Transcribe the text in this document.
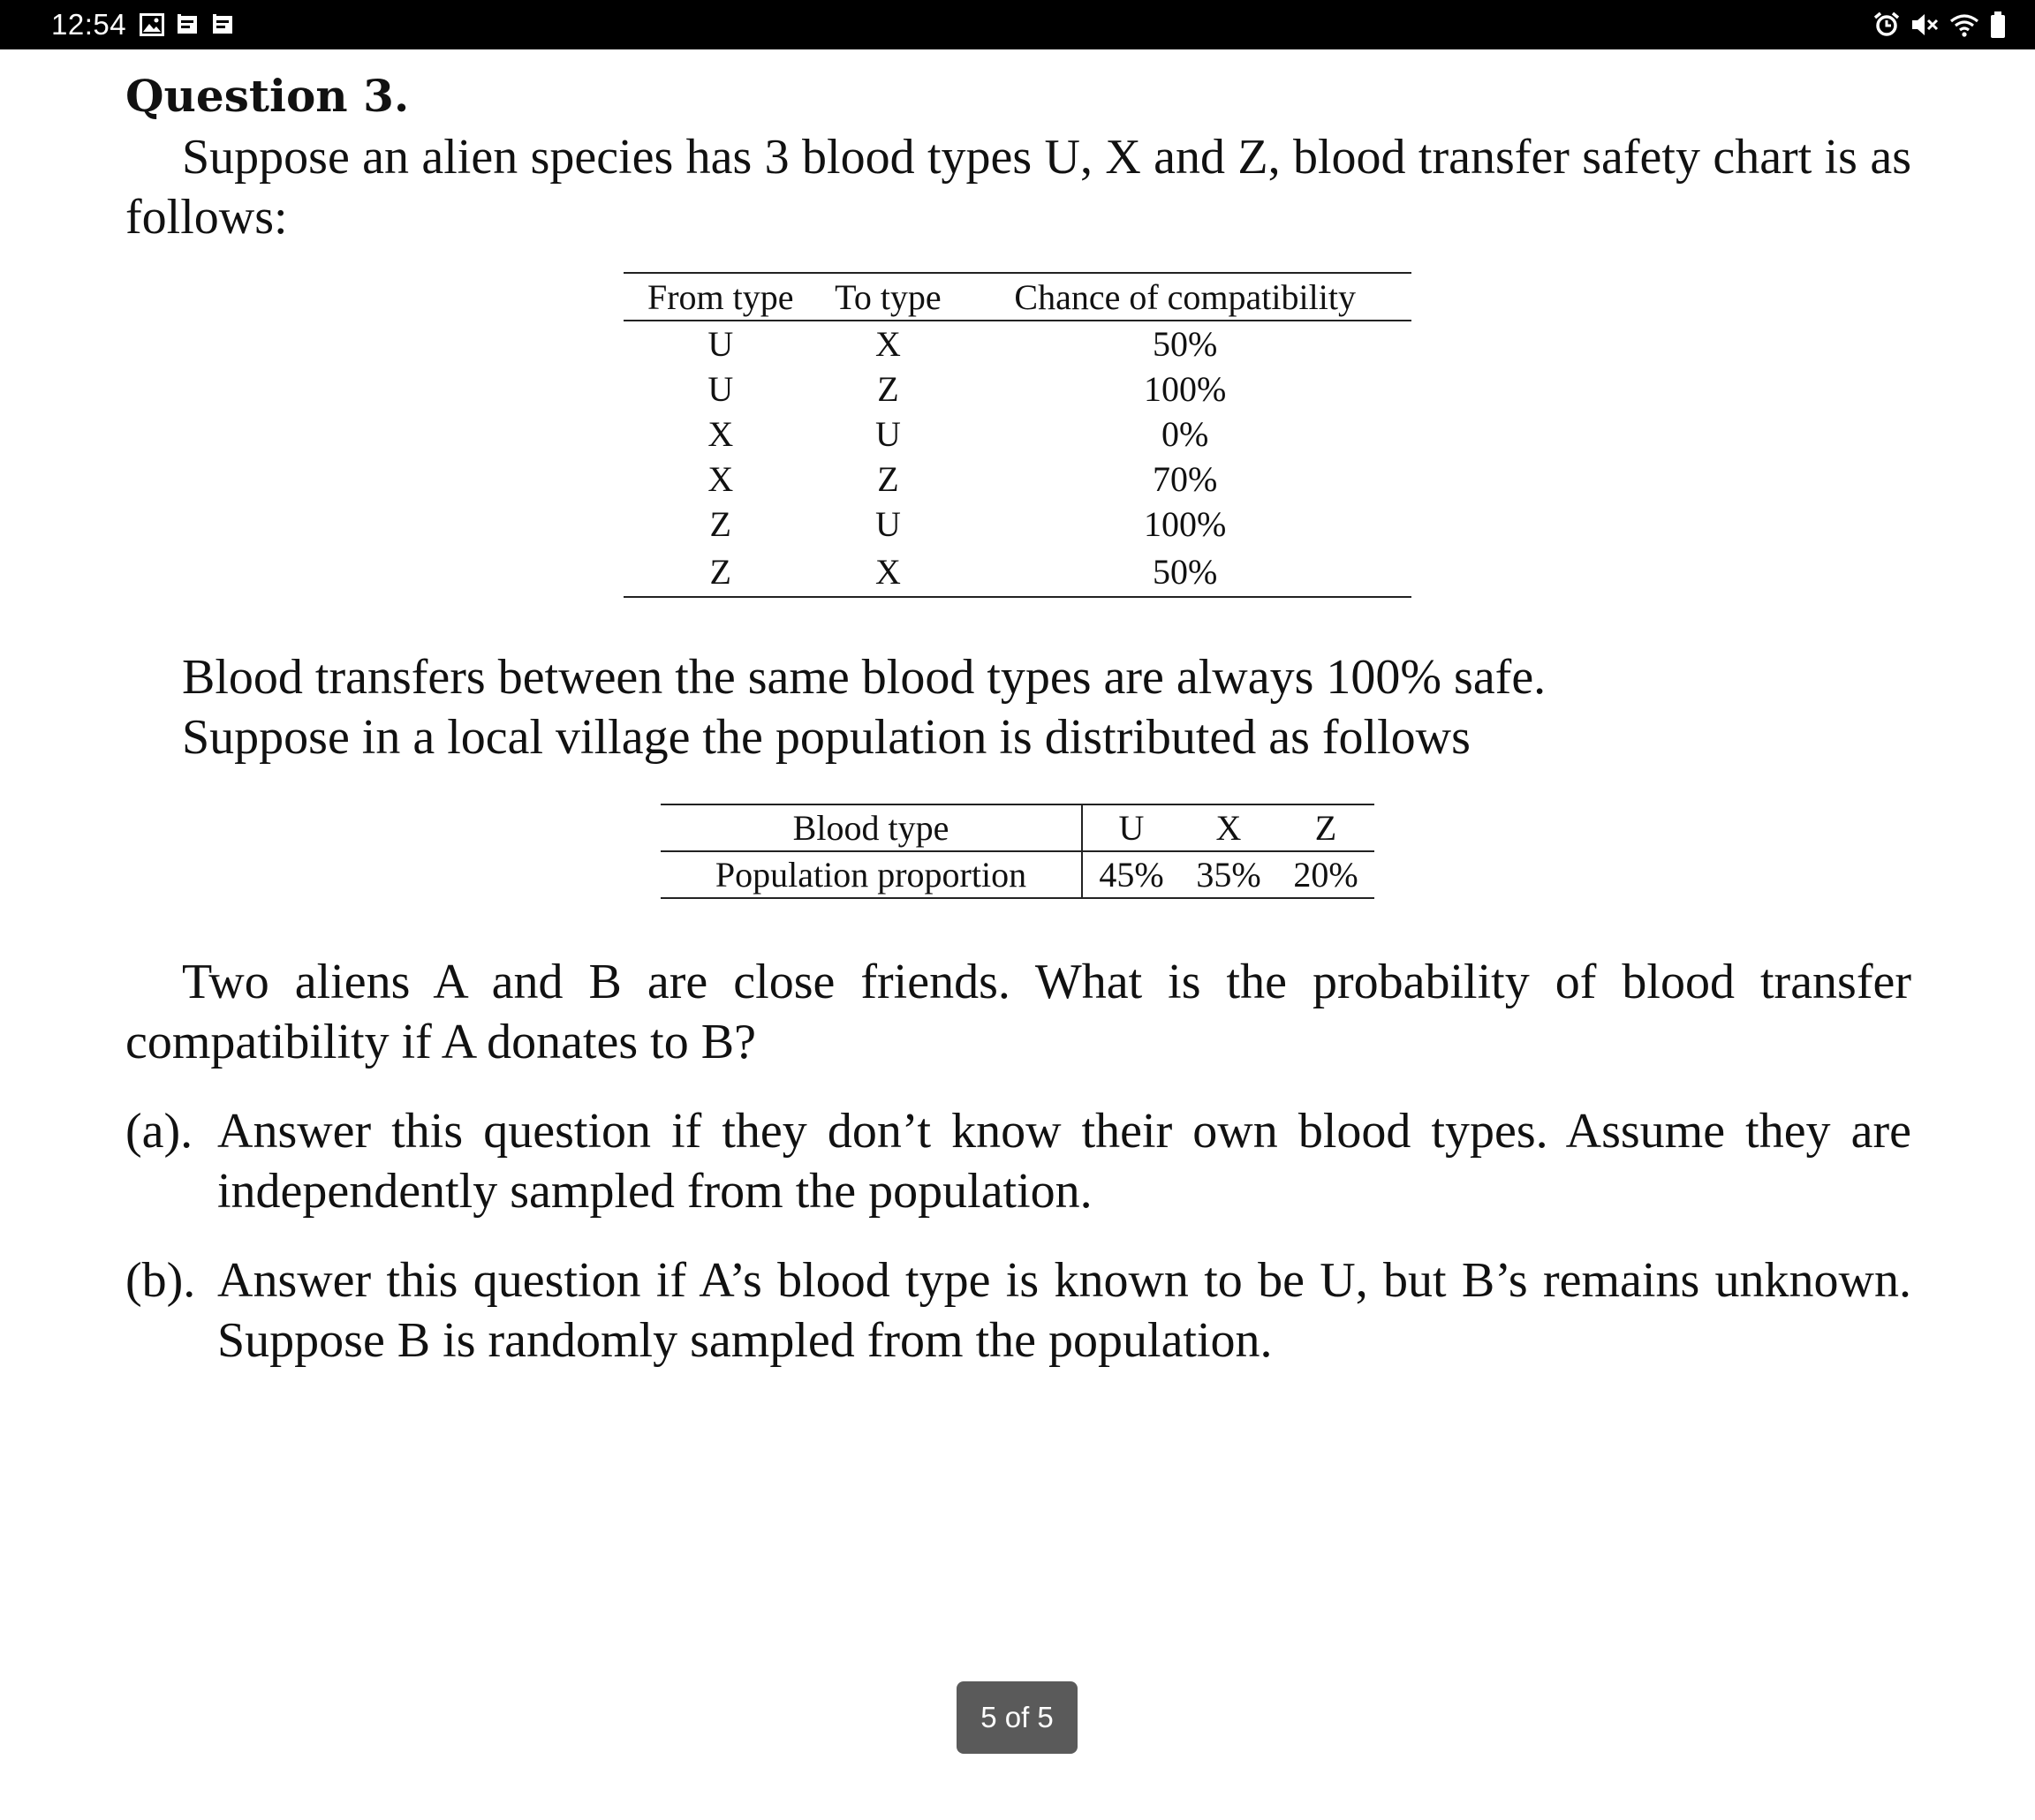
12:54
Question 3.

Suppose an alien species has 3 blood types U, X and Z, blood transfer safety chart is as follows:

From type	To type	Chance of compatibility
U	X	50%
U	Z	100%
X	U	0%
X	Z	70%
Z	U	100%
Z	X	50%

Blood transfers between the same blood types are always 100% safe.

Suppose in a local village the population is distributed as follows

Blood type	U	X	Z
Population proportion	45%	35%	20%

Two aliens A and B are close friends. What is the probability of blood transfer compatibility if A donates to B?

(a). Answer this question if they don’t know their own blood types. Assume they are independently sampled from the population.
(b). Answer this question if A’s blood type is known to be U, but B’s remains unknown. Suppose B is randomly sampled from the population.
5 of 5
